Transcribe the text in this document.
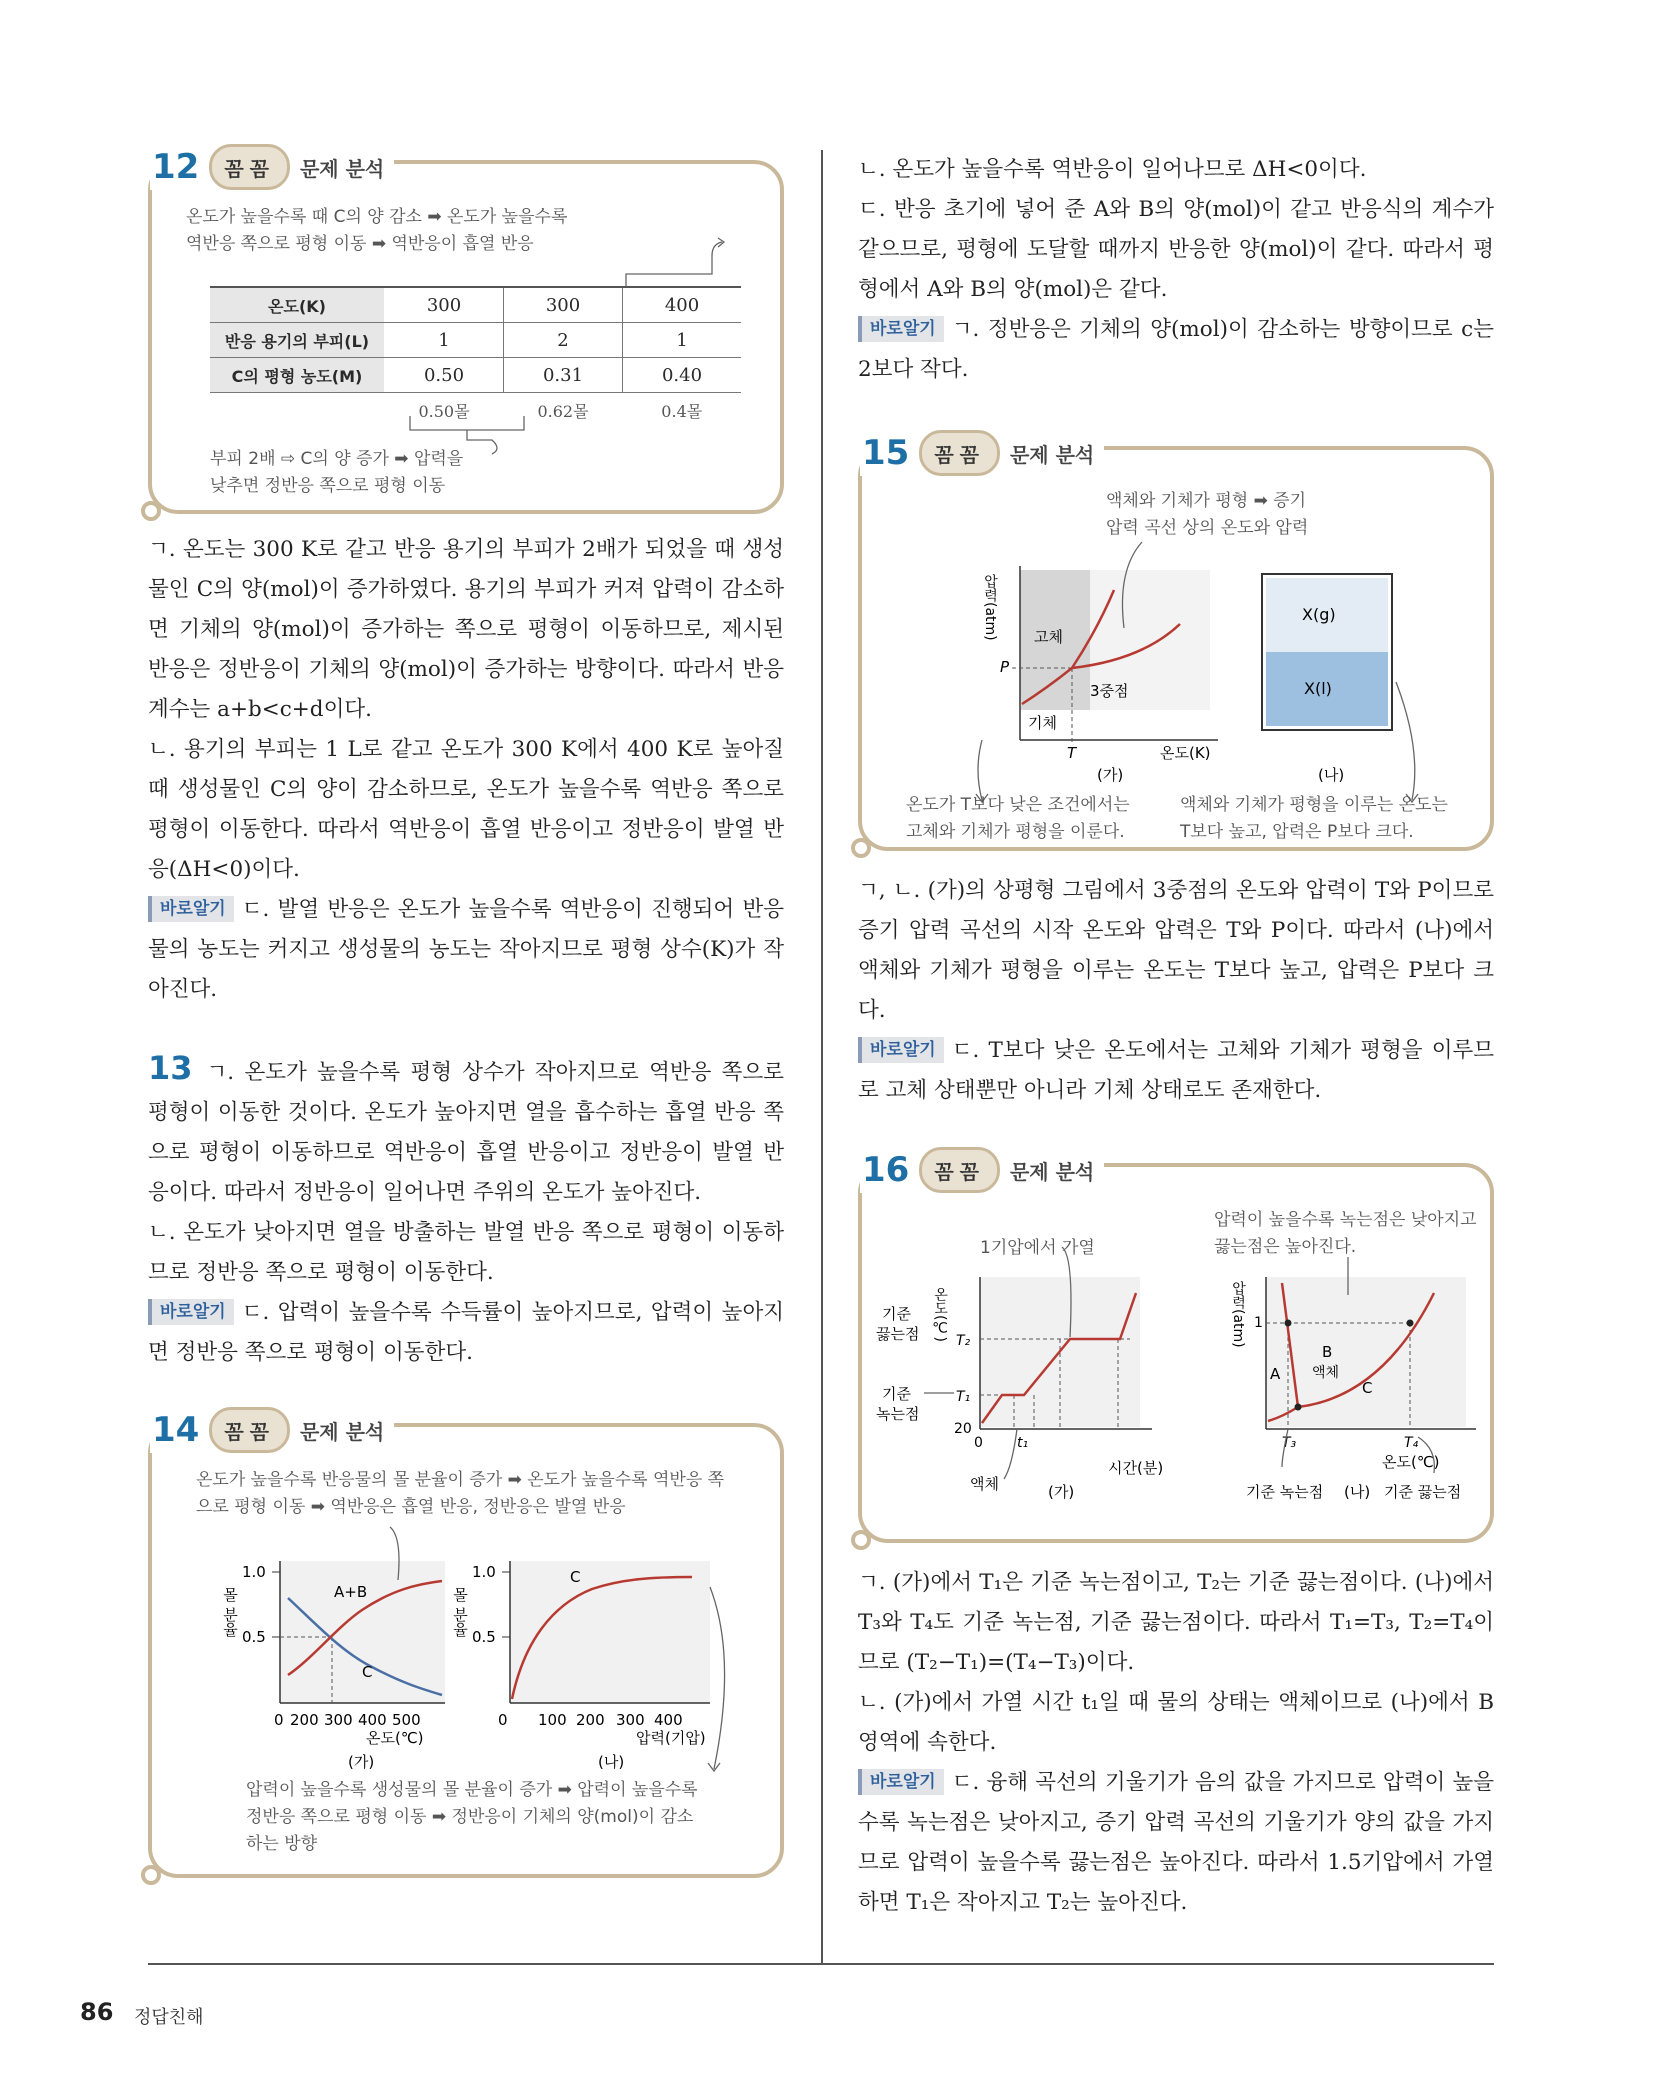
12	꼼꼼	문제 분석
온도가 높을수록 때 C의 양 감소 ➡ 온도가 높을수록
역반응 쪽으로 평형 이동 ➡ 역반응이 흡열 반응
온도(K)	300	300	400
반응 용기의 부피(L)	1	2	1
C의 평형 농도(M)	0.50	0.31	0.40
	0.50몰	0.62몰	0.4몰
부피 2배 ⇨ C의 양 증가 ➡ 압력을
낮추면 정반응 쪽으로 평형 이동

ㄱ. 온도는 300 K로 같고 반응 용기의 부피가 2배가 되었을 때 생성물인 C의 양(mol)이 증가하였다. 용기의 부피가 커져 압력이 감소하면 기체의 양(mol)이 증가하는 쪽으로 평형이 이동하므로, 제시된 반응은 정반응이 기체의 양(mol)이 증가하는 방향이다. 따라서 반응 계수는 a+b<c+d이다.

ㄴ. 용기의 부피는 1 L로 같고 온도가 300 K에서 400 K로 높아질 때 생성물인 C의 양이 감소하므로, 온도가 높을수록 역반응 쪽으로 평형이 이동한다. 따라서 역반응이 흡열 반응이고 정반응이 발열 반응(ΔH<0)이다.

바로알기 ㄷ. 발열 반응은 온도가 높을수록 역반응이 진행되어 반응물의 농도는 커지고 생성물의 농도는 작아지므로 평형 상수(K)가 작아진다.

13 ㄱ. 온도가 높을수록 평형 상수가 작아지므로 역반응 쪽으로 평형이 이동한 것이다. 온도가 높아지면 열을 흡수하는 흡열 반응 쪽으로 평형이 이동하므로 역반응이 흡열 반응이고 정반응이 발열 반응이다. 따라서 정반응이 일어나면 주위의 온도가 높아진다.

ㄴ. 온도가 낮아지면 열을 방출하는 발열 반응 쪽으로 평형이 이동하므로 정반응 쪽으로 평형이 이동한다.

바로알기 ㄷ. 압력이 높을수록 수득률이 높아지므로, 압력이 높아지면 정반응 쪽으로 평형이 이동한다.

14	꼼꼼	문제 분석
온도가 높을수록 반응물의 몰 분율이 증가 ➡ 온도가 높을수록 역반응 쪽
으로 평형 이동 ➡ 역반응은 흡열 반응, 정반응은 발열 반응
몰 분율
1.0
0.5
A+B
C
0 200 300 400 500
온도(℃)
(가)
몰 분율
1.0
0.5
C
0 100 200 300 400
압력(기압)
(나)
압력이 높을수록 생성물의 몰 분율이 증가 ➡ 압력이 높을수록
정반응 쪽으로 평형 이동 ➡ 정반응이 기체의 양(mol)이 감소
하는 방향

ㄴ. 온도가 높을수록 역반응이 일어나므로 ΔH<0이다.

ㄷ. 반응 초기에 넣어 준 A와 B의 양(mol)이 같고 반응식의 계수가 같으므로, 평형에 도달할 때까지 반응한 양(mol)이 같다. 따라서 평형에서 A와 B의 양(mol)은 같다.

바로알기 ㄱ. 정반응은 기체의 양(mol)이 감소하는 방향이므로 c는 2보다 작다.

15	꼼꼼	문제 분석
액체와 기체가 평형 ➡ 증기
압력 곡선 상의 온도와 압력
압력(atm) 고체
기체
3중점
P
T	온도(K)
(가)
X(g)
X(l)
(나)
온도가 T보다 낮은 조건에서는
고체와 기체가 평형을 이룬다.
액체와 기체가 평형을 이루는 온도는
T보다 높고, 압력은 P보다 크다.

ㄱ, ㄴ. (가)의 상평형 그림에서 3중점의 온도와 압력이 T와 P이므로 증기 압력 곡선의 시작 온도와 압력은 T와 P이다. 따라서 (나)에서 액체와 기체가 평형을 이루는 온도는 T보다 높고, 압력은 P보다 크다.

바로알기 ㄷ. T보다 낮은 온도에서는 고체와 기체가 평형을 이루므로 고체 상태뿐만 아니라 기체 상태로도 존재한다.

16	꼼꼼	문제 분석
1기압에서 가열
압력이 높을수록 녹는점은 낮아지고
끓는점은 높아진다.
온도(℃) T₂
T₁
20
0 t₁
시간(분)
(가)
액체
기준
끓는점
기준
녹는점
압력(atm) 1
A
B
액체
C
T₃	T₄
온도(℃)
기준 녹는점 (나) 기준 끓는점

ㄱ. (가)에서 T₁은 기준 녹는점이고, T₂는 기준 끓는점이다. (나)에서 T₃와 T₄도 기준 녹는점, 기준 끓는점이다. 따라서 T₁=T₃, T₂=T₄이므로 (T₂−T₁)=(T₄−T₃)이다.

ㄴ. (가)에서 가열 시간 t₁일 때 물의 상태는 액체이므로 (나)에서 B 영역에 속한다.

바로알기 ㄷ. 융해 곡선의 기울기가 음의 값을 가지므로 압력이 높을수록 녹는점은 낮아지고, 증기 압력 곡선의 기울기가 양의 값을 가지므로 압력이 높을수록 끓는점은 높아진다. 따라서 1.5기압에서 가열하면 T₁은 작아지고 T₂는 높아진다.

86 정답친해
